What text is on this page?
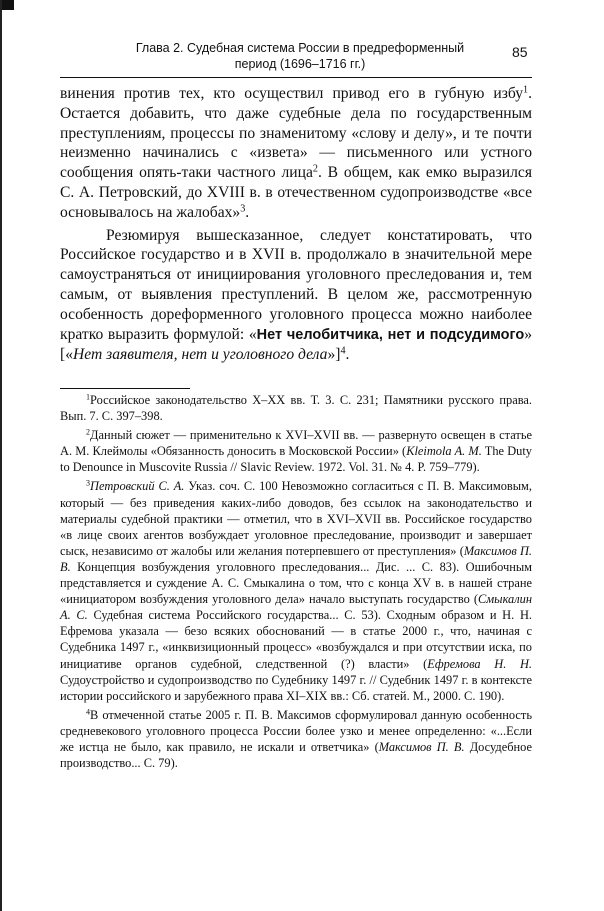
Глава 2. Судебная система России в предреформенный
период (1696–1716 гг.)
85

винения против тех, кто осуществил привод его в губную избу$^1$. Остается добавить, что даже судебные дела по государственным преступлениям, процессы по знаменитому «слову и делу», и те почти неизменно начинались с «извета» — письменного или устного сообщения опять-таки частного лица$^2$. В общем, как емко выразился С. А. Петровский, до XVIII в. в отечественном судопроизводстве «все основывалось на жалобах»$^3$.

Резюмируя вышесказанное, следует констатировать, что Российское государство и в XVII в. продолжало в значительной мере самоустраняться от инициирования уголовного преследования и, тем самым, от выявления преступлений. В целом же, рассмотренную особенность дореформенного уголовного процесса можно наиболее кратко выразить формулой: «Нет челобитчика, нет и подсудимого» [«Нет заявителя, нет и уголовного дела»]$^4$.

$^1$Российское законодательство X–XX вв. Т. 3. С. 231; Памятники русского права. Вып. 7. С. 397–398.

$^2$Данный сюжет — применительно к XVI–XVII вв. — развернуто освещен в статье А. М. Клеймолы «Обязанность доносить в Московской России» (Kleimola A. M. The Duty to Denounce in Muscovite Russia // Slavic Review. 1972. Vol. 31. № 4. P. 759–779).

$^3$Петровский С. А. Указ. соч. С. 100 Невозможно согласиться с П. В. Максимовым, который — без приведения каких-либо доводов, без ссылок на законодательство и материалы судебной практики — отметил, что в XVI–XVII вв. Российское государство «в лице своих агентов возбуждает уголовное преследование, производит и завершает сыск, независимо от жалобы или желания потерпевшего от преступления» (Максимов П. В. Концепция возбуждения уголовного преследования... Дис. ... С. 83). Ошибочным представляется и суждение А. С. Смыкалина о том, что с конца XV в. в нашей стране «инициатором возбуждения уголовного дела» начало выступать государство (Смыкалин А. С. Судебная система Российского государства... С. 53). Сходным образом и Н. Н. Ефремова указала — безо всяких обоснований — в статье 2000 г., что, начиная с Судебника 1497 г., «инквизиционный процесс» «возбуждался и при отсутствии иска, по инициативе органов судебной, следственной (?) власти» (Ефремова Н. Н. Судоустройство и судопроизводство по Судебнику 1497 г. // Судебник 1497 г. в контексте истории российского и зарубежного права XI–XIX вв.: Сб. статей. М., 2000. С. 190).

$^4$В отмеченной статье 2005 г. П. В. Максимов сформулировал данную особенность средневекового уголовного процесса России более узко и менее определенно: «...Если же истца не было, как правило, не искали и ответчика» (Максимов П. В. Досудебное производство... С. 79).
